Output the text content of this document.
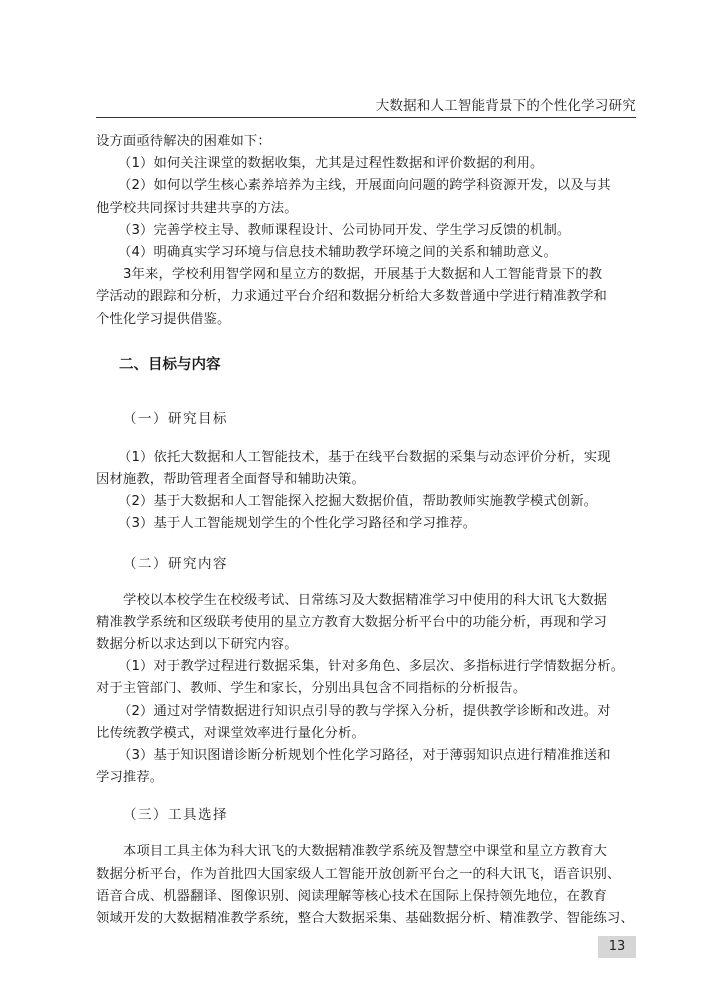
大数据和人工智能背景下的个性化学习研究

设方面亟待解决的困难如下：

（1）如何关注课堂的数据收集，尤其是过程性数据和评价数据的利用。

（2）如何以学生核心素养培养为主线，开展面向问题的跨学科资源开发，以及与其

他学校共同探讨共建共享的方法。

（3）完善学校主导、教师课程设计、公司协同开发、学生学习反馈的机制。

（4）明确真实学习环境与信息技术辅助教学环境之间的关系和辅助意义。

3年来，学校利用智学网和星立方的数据，开展基于大数据和人工智能背景下的教

学活动的跟踪和分析，力求通过平台介绍和数据分析给大多数普通中学进行精准教学和

个性化学习提供借鉴。

二、目标与内容

（一）研究目标

（1）依托大数据和人工智能技术，基于在线平台数据的采集与动态评价分析，实现

因材施教，帮助管理者全面督导和辅助决策。

（2）基于大数据和人工智能探入挖掘大数据价值，帮助教师实施教学模式创新。

（3）基于人工智能规划学生的个性化学习路径和学习推荐。

（二）研究内容

学校以本校学生在校级考试、日常练习及大数据精准学习中使用的科大讯飞大数据

精准教学系统和区级联考使用的星立方教育大数据分析平台中的功能分析，再现和学习

数据分析以求达到以下研究内容。

（1）对于教学过程进行数据采集，针对多角色、多层次、多指标进行学情数据分析。

对于主管部门、教师、学生和家长，分别出具包含不同指标的分析报告。

（2）通过对学情数据进行知识点引导的教与学探入分析，提供教学诊断和改进。对

比传统教学模式，对课堂效率进行量化分析。

（3）基于知识图谱诊断分析规划个性化学习路径，对于薄弱知识点进行精准推送和

学习推荐。

（三）工具选择

本项目工具主体为科大讯飞的大数据精准教学系统及智慧空中课堂和星立方教育大

数据分析平台，作为首批四大国家级人工智能开放创新平台之一的科大讯飞，语音识别、

语音合成、机器翻译、图像识别、阅读理解等核心技术在国际上保持领先地位，在教育

领域开发的大数据精准教学系统，整合大数据采集、基础数据分析、精准教学、智能练习、

13
